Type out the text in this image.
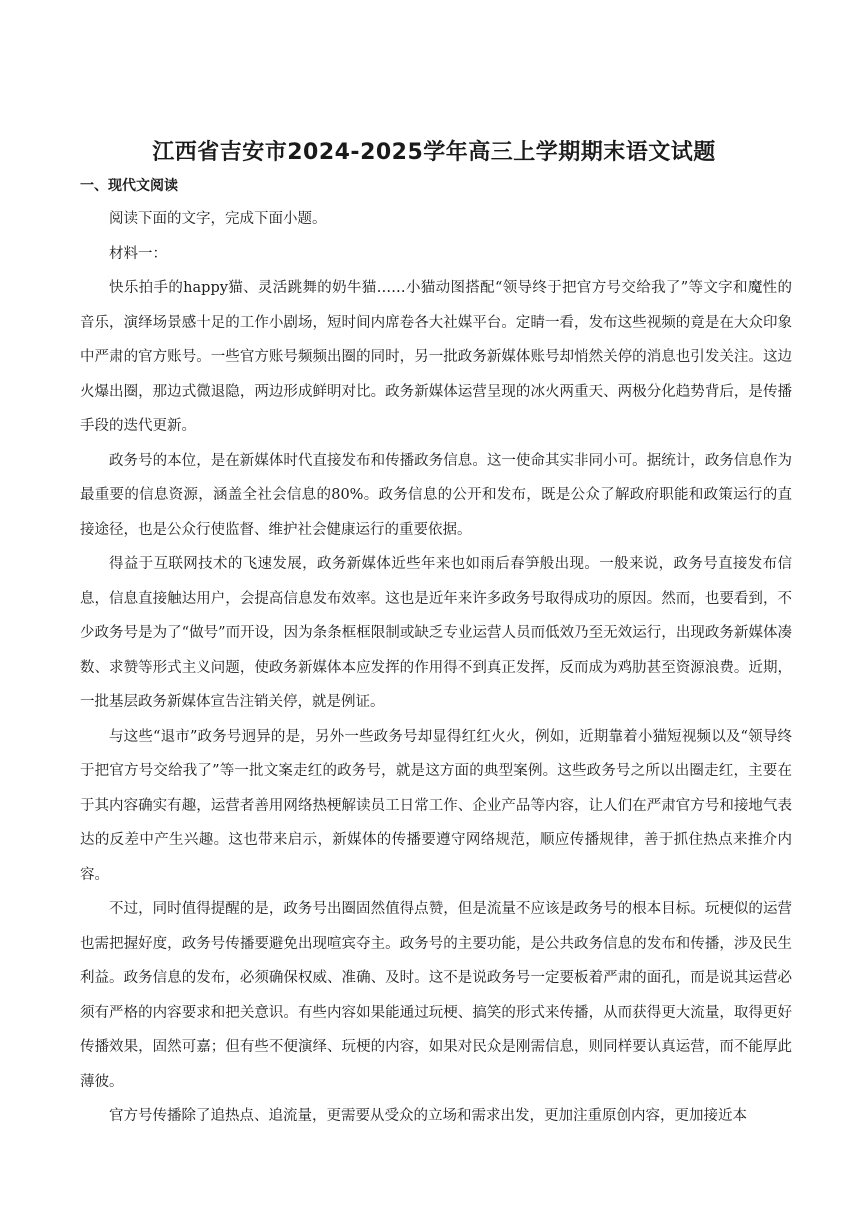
江西省吉安市2024-2025学年高三上学期期末语文试题
一、现代文阅读

阅读下面的文字，完成下面小题。

材料一：

快乐拍手的happy猫、灵活跳舞的奶牛猫……小猫动图搭配“领导终于把官方号交给我了”等文字和魔性的音乐，演绎场景感十足的工作小剧场，短时间内席卷各大社媒平台。定睛一看，发布这些视频的竟是在大众印象中严肃的官方账号。一些官方账号频频出圈的同时，另一批政务新媒体账号却悄然关停的消息也引发关注。这边火爆出圈，那边式微退隐，两边形成鲜明对比。政务新媒体运营呈现的冰火两重天、两极分化趋势背后，是传播手段的迭代更新。

政务号的本位，是在新媒体时代直接发布和传播政务信息。这一使命其实非同小可。据统计，政务信息作为最重要的信息资源，涵盖全社会信息的80%。政务信息的公开和发布，既是公众了解政府职能和政策运行的直接途径，也是公众行使监督、维护社会健康运行的重要依据。

得益于互联网技术的飞速发展，政务新媒体近些年来也如雨后春笋般出现。一般来说，政务号直接发布信息，信息直接触达用户，会提高信息发布效率。这也是近年来许多政务号取得成功的原因。然而，也要看到，不少政务号是为了“做号”而开设，因为条条框框限制或缺乏专业运营人员而低效乃至无效运行，出现政务新媒体凑数、求赞等形式主义问题，使政务新媒体本应发挥的作用得不到真正发挥，反而成为鸡肋甚至资源浪费。近期，一批基层政务新媒体宣告注销关停，就是例证。

与这些“退市”政务号迥异的是，另外一些政务号却显得红红火火，例如，近期靠着小猫短视频以及“领导终于把官方号交给我了”等一批文案走红的政务号，就是这方面的典型案例。这些政务号之所以出圈走红，主要在于其内容确实有趣，运营者善用网络热梗解读员工日常工作、企业产品等内容，让人们在严肃官方号和接地气表达的反差中产生兴趣。这也带来启示，新媒体的传播要遵守网络规范，顺应传播规律，善于抓住热点来推介内容。

不过，同时值得提醒的是，政务号出圈固然值得点赞，但是流量不应该是政务号的根本目标。玩梗似的运营也需把握好度，政务号传播要避免出现喧宾夺主。政务号的主要功能，是公共政务信息的发布和传播，涉及民生利益。政务信息的发布，必须确保权威、准确、及时。这不是说政务号一定要板着严肃的面孔，而是说其运营必须有严格的内容要求和把关意识。有些内容如果能通过玩梗、搞笑的形式来传播，从而获得更大流量，取得更好传播效果，固然可嘉；但有些不便演绎、玩梗的内容，如果对民众是刚需信息，则同样要认真运营，而不能厚此薄彼。

官方号传播除了追热点、追流量，更需要从受众的立场和需求出发，更加注重原创内容，更加接近本
